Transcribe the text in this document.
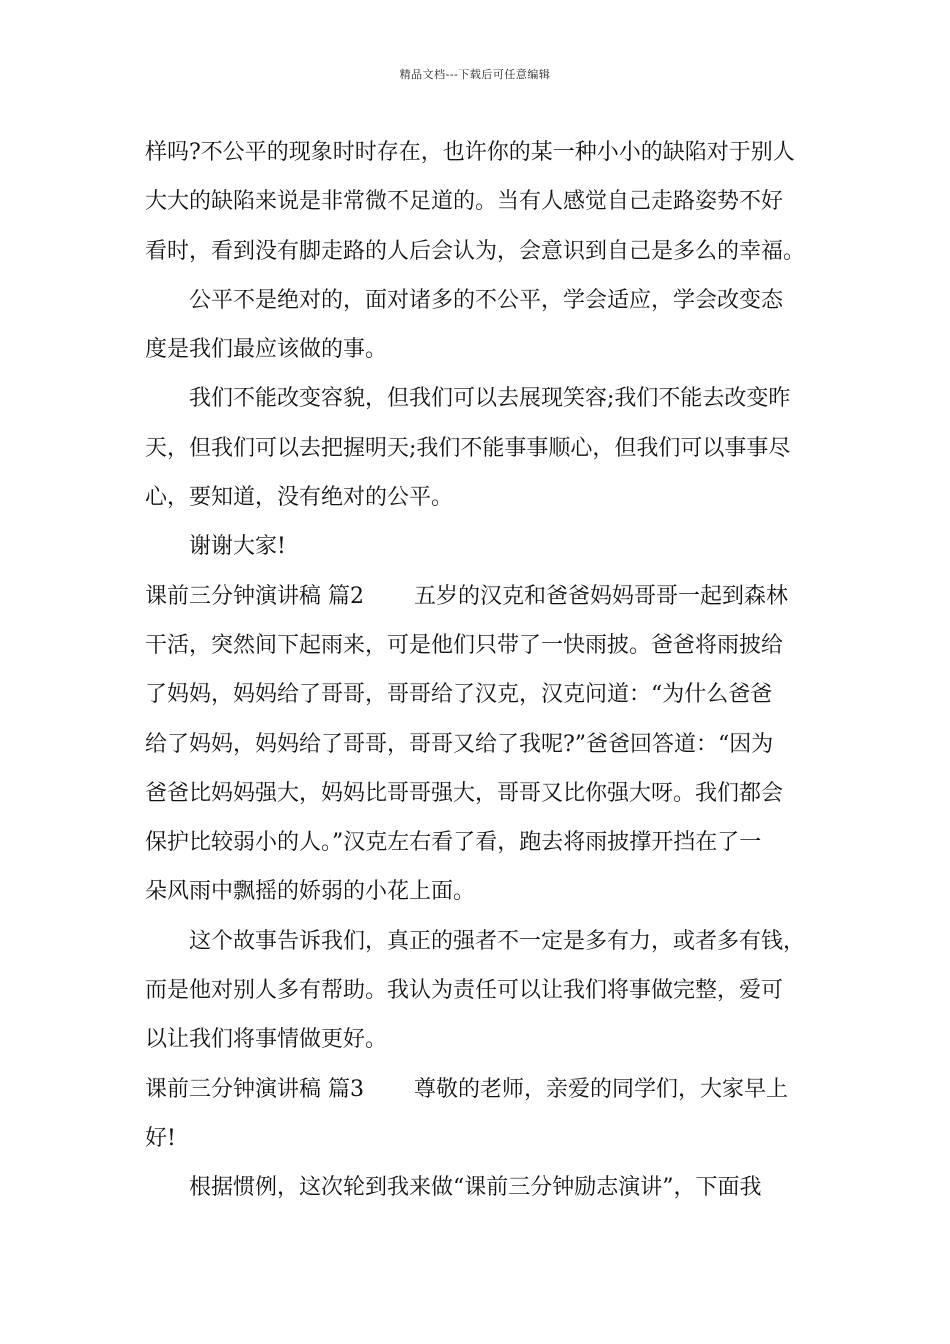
精品文档---下载后可任意编辑
样吗?不公平的现象时时存在，也许你的某一种小小的缺陷对于别人
大大的缺陷来说是非常微不足道的。当有人感觉自己走路姿势不好
看时，看到没有脚走路的人后会认为，会意识到自己是多么的幸福。
公平不是绝对的，面对诸多的不公平，学会适应，学会改变态
度是我们最应该做的事。
我们不能改变容貌，但我们可以去展现笑容;我们不能去改变昨
天，但我们可以去把握明天;我们不能事事顺心，但我们可以事事尽
心，要知道，没有绝对的公平。
谢谢大家!
课前三分钟演讲稿 篇2 五岁的汉克和爸爸妈妈哥哥一起到森林
干活，突然间下起雨来，可是他们只带了一快雨披。爸爸将雨披给
了妈妈，妈妈给了哥哥，哥哥给了汉克，汉克问道：“为什么爸爸
给了妈妈，妈妈给了哥哥，哥哥又给了我呢?”爸爸回答道：“因为
爸爸比妈妈强大，妈妈比哥哥强大，哥哥又比你强大呀。我们都会
保护比较弱小的人。”汉克左右看了看，跑去将雨披撑开挡在了一
朵风雨中飘摇的娇弱的小花上面。
这个故事告诉我们，真正的强者不一定是多有力，或者多有钱，
而是他对别人多有帮助。我认为责任可以让我们将事做完整，爱可
以让我们将事情做更好。
课前三分钟演讲稿 篇3 尊敬的老师，亲爱的同学们，大家早上
好!
根据惯例，这次轮到我来做“课前三分钟励志演讲”，下面我
